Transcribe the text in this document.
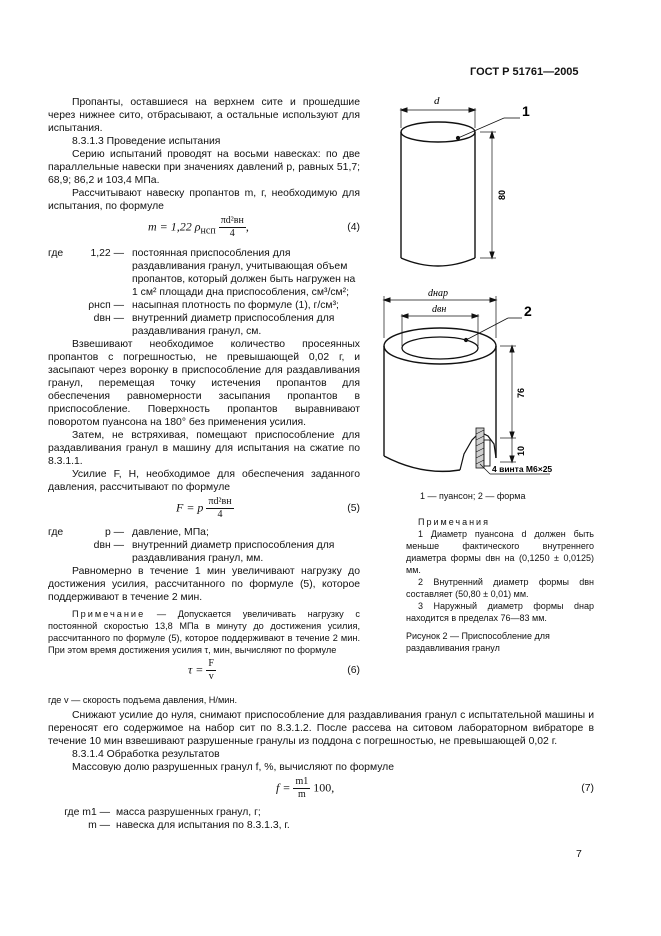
ГОСТ Р 51761—2005

Пропанты, оставшиеся на верхнем сите и прошедшие через нижнее сито, отбрасывают, а остальные используют для испытания.

8.3.1.3 Проведение испытания

Серию испытаний проводят на восьми навесках: по две параллельные навески при значениях давлений p, равных 51,7; 68,9; 86,2 и 103,4 МПа.

Рассчитывают навеску пропантов m, г, необходимую для испытания, по формуле

m = 1,22 $\rho_{нсп} \frac{\text{πd²вн}}{4}$ ,	(4)
где	1,22 — постоянная приспособления для раздавливания гранул, учитывающая объем пропантов, который должен быть нагружен на 1 см² площади дна приспособления, см³/см²;
ρнсп — насыпная плотность по формуле (1), г/см³;
dвн — внутренний диаметр приспособления для раздавливания гранул, см.

Взвешивают необходимое количество просеянных пропантов с погрешностью, не превышающей 0,02 г, и засыпают через воронку в приспособление для раздавливания гранул, перемещая точку истечения пропантов для обеспечения равномерности засыпания пропантов в приспособление. Поверхность пропантов выравнивают поворотом пуансона на 180° без применения усилия.

Затем, не встряхивая, помещают приспособление для раздавливания гранул в машину для испытания на сжатие по 8.3.1.1.

Усилие F, Н, необходимое для обеспечения заданного давления, рассчитывают по формуле

F = p $\frac{\text{πd²вн}}{4}$	(5)
где	p — давление, МПа;
dвн — внутренний диаметр приспособления для раздавливания гранул, мм.

Равномерно в течение 1 мин увеличивают нагрузку до достижения усилия, рассчитанного по формуле (5), которое поддерживают в течение 2 мин.

Примечание — Допускается увеличивать нагрузку с постоянной скоростью 13,8 МПа в минуту до достижения усилия, рассчитанного по формуле (5), которое поддерживают в течение 2 мин. При этом время достижения усилия τ, мин, вычисляют по формуле

$\tau = \frac{F}{v}$	(6)

где v — скорость подъема давления, Н/мин.

Снижают усилие до нуля, снимают приспособление для раздавливания гранул с испытательной машины и переносят его содержимое на набор сит по 8.3.1.2. После рассева на ситовом лабораторном вибраторе в течение 10 мин взвешивают разрушенные гранулы из поддона с погрешностью, не превышающей 0,02 г.

8.3.1.4 Обработка результатов

Массовую долю разрушенных гранул f, %, вычисляют по формуле

$f = \frac{m1}{m} 100$,	(7)
где m1 — масса разрушенных гранул, г;
m — навеска для испытания по 8.3.1.3, г.
d
1
80
dнар
dвн	2
76
10
4 винта М6×25
1 — пуансон; 2 — форма

Примечания

1 Диаметр пуансона d должен быть меньше фактического внутреннего диаметра формы dвн на (0,1250 ± 0,0125) мм.

2 Внутренний диаметр формы dвн составляет (50,80 ± 0,01) мм.

3 Наружный диаметр формы dнар находится в пределах 76—83 мм.

Рисунок 2 — Приспособление для раздавливания гранул

7
